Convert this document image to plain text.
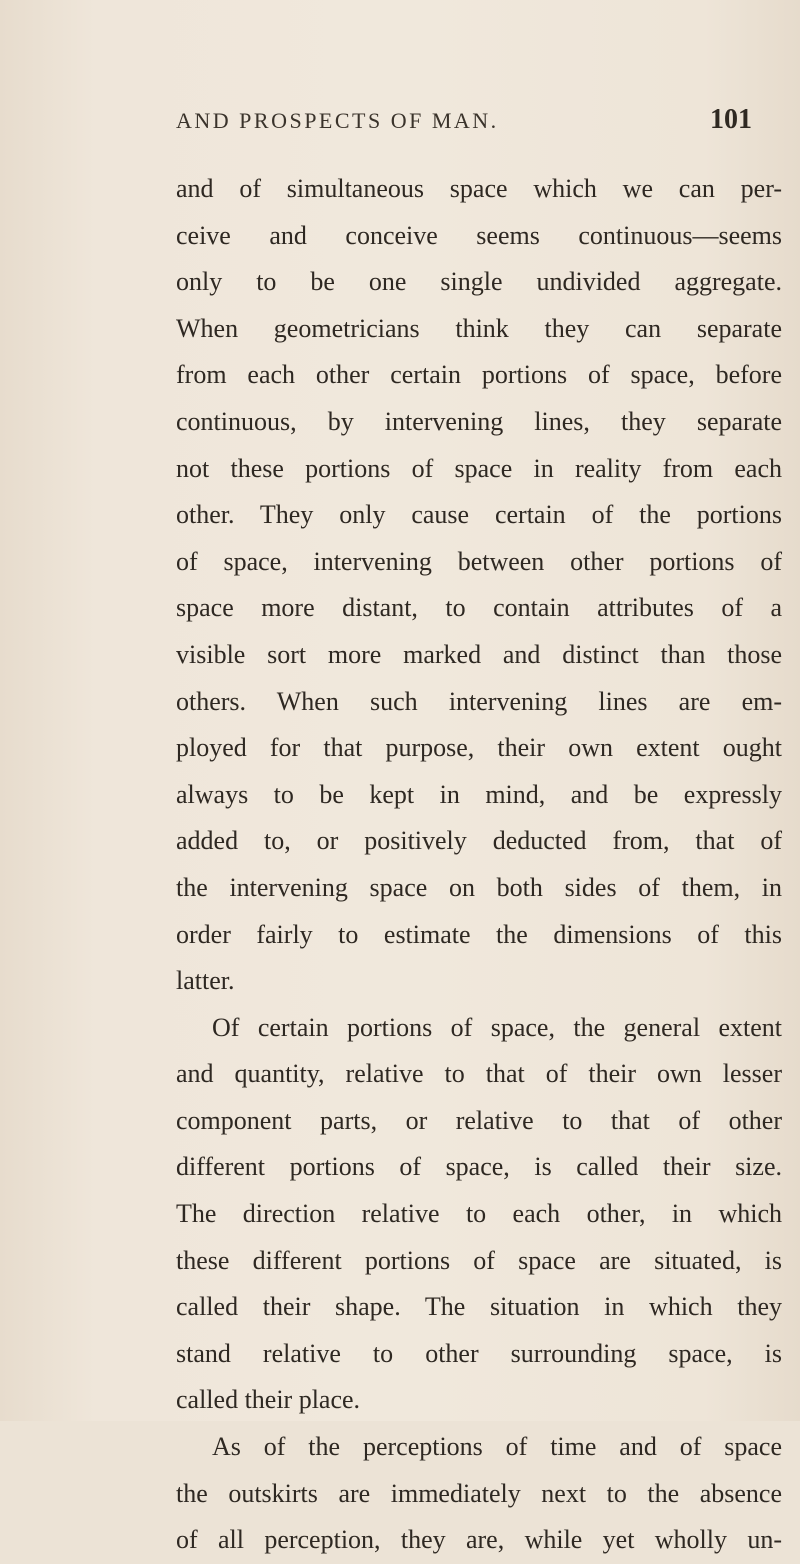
AND PROSPECTS OF MAN.	101
and of simultaneous space which we can per-
ceive and conceive seems continuous—seems
only to be one single undivided aggregate.
When geometricians think they can separate
from each other certain portions of space, before
continuous, by intervening lines, they separate
not these portions of space in reality from each
other. They only cause certain of the portions
of space, intervening between other portions of
space more distant, to contain attributes of a
visible sort more marked and distinct than those
others. When such intervening lines are em-
ployed for that purpose, their own extent ought
always to be kept in mind, and be expressly
added to, or positively deducted from, that of
the intervening space on both sides of them, in
order fairly to estimate the dimensions of this
latter.
Of certain portions of space, the general extent
and quantity, relative to that of their own lesser
component parts, or relative to that of other
different portions of space, is called their size.
The direction relative to each other, in which
these different portions of space are situated, is
called their shape. The situation in which they
stand relative to other surrounding space, is
called their place.
As of the perceptions of time and of space
the outskirts are immediately next to the absence
of all perception, they are, while yet wholly un-
